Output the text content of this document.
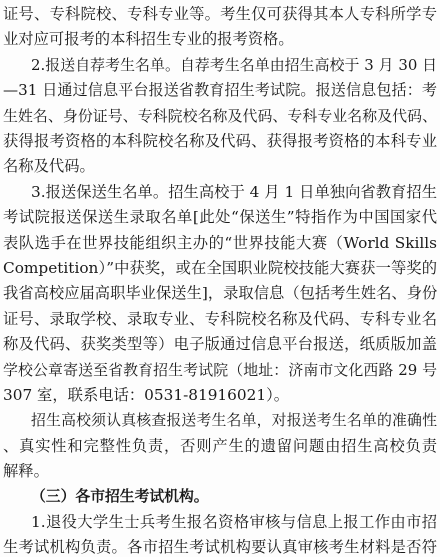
证号、专科院校、专科专业等。考生仅可获得其本人专科所学专
业对应可报考的本科招生专业的报考资格。
2.报送自荐考生名单。自荐考生名单由招生高校于 3 月 30 日
—31 日通过信息平台报送省教育招生考试院。报送信息包括：考
生姓名、身份证号、专科院校名称及代码、专科专业名称及代码、
获得报考资格的本科院校名称及代码、获得报考资格的本科专业
名称及代码。
3.报送保送生名单。招生高校于 4 月 1 日单独向省教育招生
考试院报送保送生录取名单[此处“保送生”特指作为中国国家代
表队选手在世界技能组织主办的“世界技能大赛（World Skills
Competition）”中获奖，或在全国职业院校技能大赛获一等奖的
我省高校应届高职毕业保送生]，录取信息（包括考生姓名、身份
证号、录取学校、录取专业、专科院校名称及代码、专科专业名
称及代码、获奖类型等）电子版通过信息平台报送，纸质版加盖
学校公章寄送至省教育招生考试院（地址：济南市文化西路 29 号
307 室，联系电话：0531-81916021）。
招生高校须认真核查报送考生名单，对报送考生名单的准确性
、真实性和完整性负责，否则产生的遗留问题由招生高校负责
解释。
（三）各市招生考试机构。
1.退役大学生士兵考生报名资格审核与信息上报工作由市招
生考试机构负责。各市招生考试机构要认真审核考生材料是否符
